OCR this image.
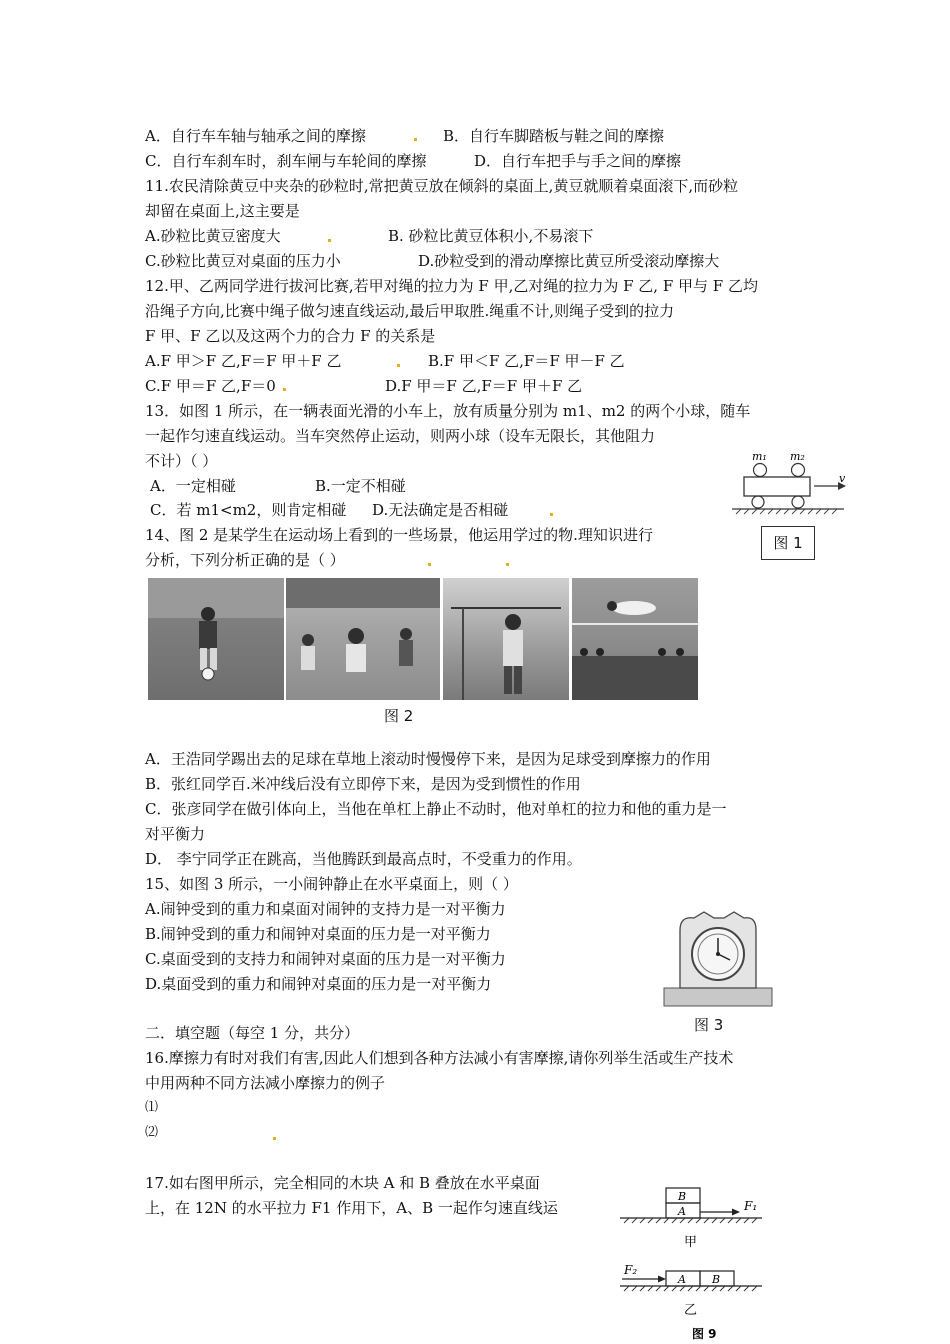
A．自行车车轴与轴承之间的摩擦	B．自行车脚踏板与鞋之间的摩擦
C．自行车刹车时，刹车闸与车轮间的摩擦	D．自行车把手与手之间的摩擦
11.农民清除黄豆中夹杂的砂粒时,常把黄豆放在倾斜的桌面上,黄豆就顺着桌面滚下,而砂粒
却留在桌面上,这主要是
A.砂粒比黄豆密度大	B. 砂粒比黄豆体积小,不易滚下
C.砂粒比黄豆对桌面的压力小	D.砂粒受到的滑动摩擦比黄豆所受滚动摩擦大
12.甲、乙两同学进行拔河比赛,若甲对绳的拉力为 F 甲,乙对绳的拉力为 F 乙, F 甲与 F 乙均
沿绳子方向,比赛中绳子做匀速直线运动,最后甲取胜.绳重不计,则绳子受到的拉力
F 甲、F 乙以及这两个力的合力 F 的关系是
A.F 甲＞F 乙,F＝F 甲＋F 乙	B.F 甲＜F 乙,F＝F 甲－F 乙
C.F 甲＝F 乙,F＝0	D.F 甲＝F 乙,F＝F 甲＋F 乙
13．如图 1 所示，在一辆表面光滑的小车上，放有质量分别为 m1、m2 的两个小球，随车
一起作匀速直线运动。当车突然停止运动，则两小球（设车无限长，其他阻力
不计）（ ）
A．一定相碰	B.一定不相碰
C．若 m1<m2，则肯定相碰 D.无法确定是否相碰
m₁ m₂
v
图 1
14、图 2 是某学生在运动场上看到的一些场景，他运用学过的物.理知识进行
分析，下列分析正确的是（ ）
图 2
A．王浩同学踢出去的足球在草地上滚动时慢慢停下来，是因为足球受到摩擦力的作用
B．张红同学百.米冲线后没有立即停下来，是因为受到惯性的作用
C．张彦同学在做引体向上，当他在单杠上静止不动时，他对单杠的拉力和他的重力是一
对平衡力
D． 李宁同学正在跳高，当他腾跃到最高点时，不受重力的作用。
15、如图 3 所示，一小闹钟静止在水平桌面上，则（ ）
A.闹钟受到的重力和桌面对闹钟的支持力是一对平衡力
B.闹钟受到的重力和闹钟对桌面的压力是一对平衡力
C.桌面受到的支持力和闹钟对桌面的压力是一对平衡力
D.桌面受到的重力和闹钟对桌面的压力是一对平衡力
图 3
二．填空题（每空 1 分，共分）
16.摩擦力有时对我们有害,因此人们想到各种方法减小有害摩擦,请你列举生活或生产技术
中用两种不同方法减小摩擦力的例子
⑴
⑵
17.如右图甲所示，完全相同的木块 A 和 B 叠放在水平桌面
上，在 12N 的水平拉力 F1 作用下，A、B 一起作匀速直线运
B
A	F₁
甲
F₂
A B
乙
图 9
